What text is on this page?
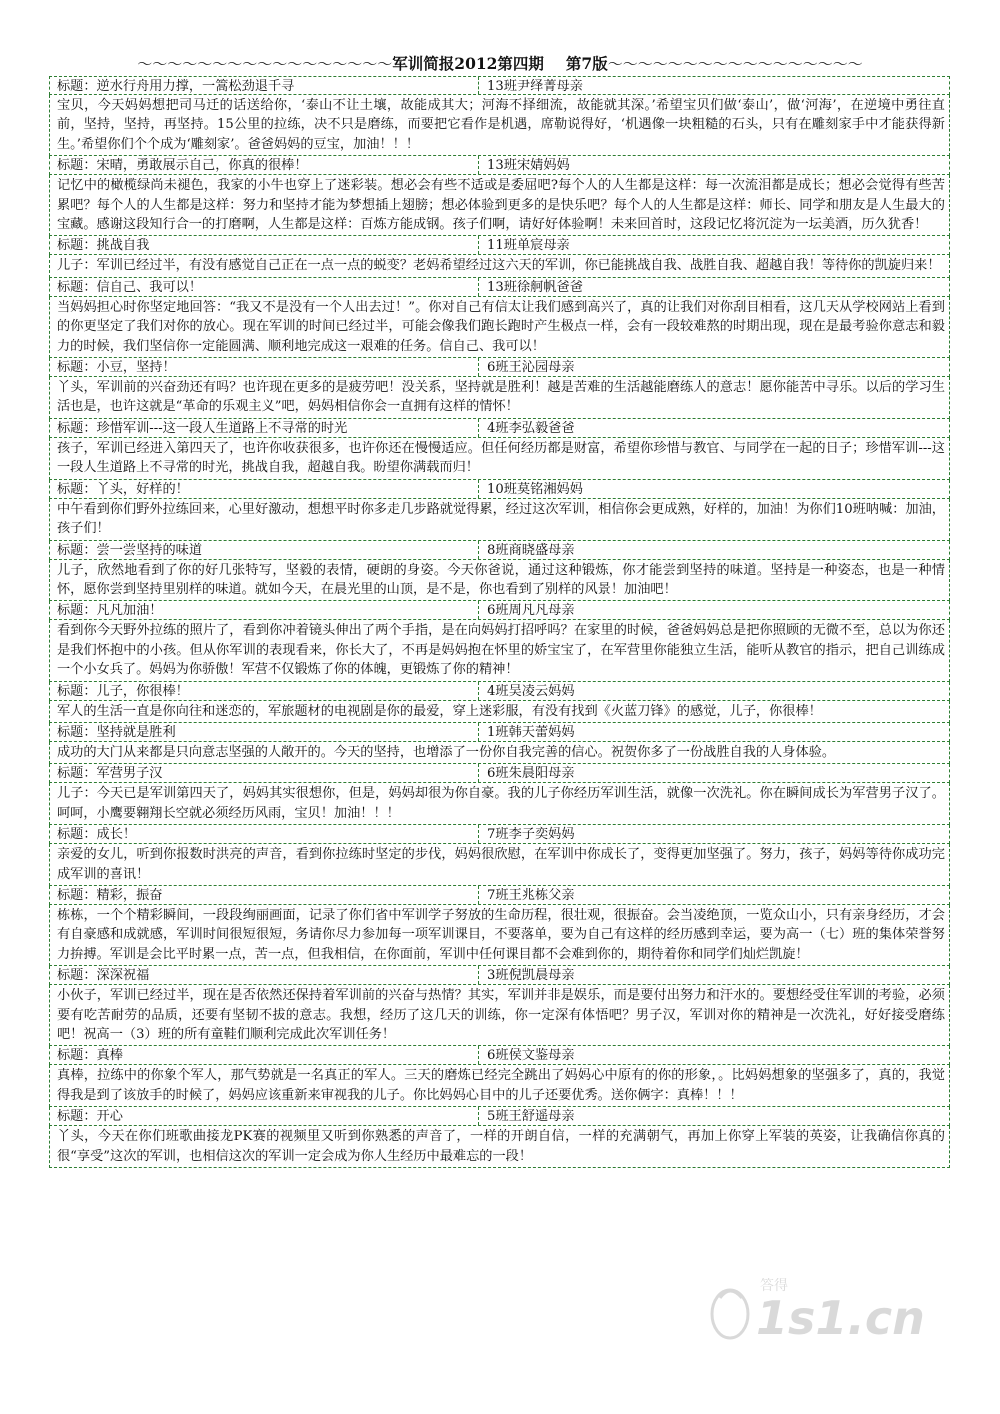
～～～～～～～～～～～～～～～～～军训简报2012第四期 第7版～～～～～～～～～～～～～～～～～
标题：逆水行舟用力撑，一篙松劲退千寻	13班尹绎菁母亲
宝贝，今天妈妈想把司马迁的话送给你，‘泰山不让土壤，故能成其大；河海不择细流，故能就其深。’希望宝贝们做‘泰山’，做‘河海’，在逆境中勇往直前，坚持，坚持，再坚持。15公里的拉练，决不只是磨练，而要把它看作是机遇，席勒说得好，‘机遇像一块粗糙的石头，只有在雕刻家手中才能获得新生。’希望你们个个成为‘雕刻家’。爸爸妈妈的豆宝，加油！！！
标题：宋晴，勇敢展示自己，你真的很棒！	13班宋婧妈妈
记忆中的橄榄绿尚未褪色，我家的小牛也穿上了迷彩装。想必会有些不适或是委屈吧?每个人的人生都是这样：每一次流泪都是成长；想必会觉得有些苦累吧？每个人的人生都是这样：努力和坚持才能为梦想插上翅膀；想必体验到更多的是快乐吧？每个人的人生都是这样：师长、同学和朋友是人生最大的宝藏。感谢这段知行合一的打磨啊，人生都是这样：百炼方能成钢。孩子们啊，请好好体验啊！未来回首时，这段记忆将沉淀为一坛美酒，历久犹香！
标题：挑战自我	11班单宸母亲
儿子：军训已经过半，有没有感觉自己正在一点一点的蜕变？老妈希望经过这六天的军训，你已能挑战自我、战胜自我、超越自我！等待你的凯旋归来！
标题：信自己、我可以！	13班徐舸帆爸爸
当妈妈担心时你坚定地回答：“我又不是没有一个人出去过！”。你对自己有信太让我们感到高兴了，真的让我们对你刮目相看，这几天从学校网站上看到的你更坚定了我们对你的放心。现在军训的时间已经过半，可能会像我们跑长跑时产生极点一样，会有一段较难熬的时期出现，现在是最考验你意志和毅力的时候，我们坚信你一定能圆满、顺利地完成这一艰难的任务。信自己、我可以！
标题：小豆，坚持！	6班王沁园母亲
丫头，军训前的兴奋劲还有吗？也许现在更多的是疲劳吧！没关系，坚持就是胜利！越是苦难的生活越能磨练人的意志！愿你能苦中寻乐。以后的学习生活也是，也许这就是“革命的乐观主义”吧，妈妈相信你会一直拥有这样的情怀！
标题：珍惜军训---这一段人生道路上不寻常的时光	4班李弘毅爸爸
孩子，军训已经进入第四天了，也许你收获很多，也许你还在慢慢适应。但任何经历都是财富，希望你珍惜与教官、与同学在一起的日子；珍惜军训---这一段人生道路上不寻常的时光，挑战自我，超越自我。盼望你满载而归！
标题：丫头，好样的！	10班莫铭湘妈妈
中午看到你们野外拉练回来，心里好激动，想想平时你多走几步路就觉得累，经过这次军训，相信你会更成熟，好样的，加油！为你们10班呐喊：加油，孩子们！
标题：尝一尝坚持的味道	8班商晓盛母亲
儿子，欣然地看到了你的好几张特写，坚毅的表情，硬朗的身姿。今天你爸说，通过这种锻炼，你才能尝到坚持的味道。坚持是一种姿态，也是一种情怀，愿你尝到坚持里别样的味道。就如今天，在晨光里的山顶，是不是，你也看到了别样的风景！加油吧！
标题：凡凡加油！	6班周凡凡母亲
看到你今天野外拉练的照片了，看到你冲着镜头伸出了两个手指，是在向妈妈打招呼吗？在家里的时候，爸爸妈妈总是把你照顾的无微不至，总以为你还是我们怀抱中的小孩。但从你军训的表现看来，你长大了，不再是妈妈抱在怀里的娇宝宝了，在军营里你能独立生活，能听从教官的指示，把自己训练成一个小女兵了。妈妈为你骄傲！军营不仅锻炼了你的体魄，更锻炼了你的精神！
标题：儿子，你很棒！	4班吴凌云妈妈
军人的生活一直是你向往和迷恋的，军旅题材的电视剧是你的最爱，穿上迷彩服，有没有找到《火蓝刀锋》的感觉，儿子，你很棒！
标题：坚持就是胜利	1班韩天蕾妈妈
成功的大门从来都是只向意志坚强的人敞开的。今天的坚持，也增添了一份你自我完善的信心。祝贺你多了一份战胜自我的人身体验。
标题：军营男子汉	6班朱晨阳母亲
儿子：今天已是军训第四天了，妈妈其实很想你，但是，妈妈却很为你自豪。我的儿子你经历军训生活，就像一次洗礼。你在瞬间成长为军营男子汉了。呵呵，小鹰要翱翔长空就必须经历风雨，宝贝！加油！！！
标题：成长！	7班李子奕妈妈
亲爱的女儿，听到你报数时洪亮的声音，看到你拉练时坚定的步伐，妈妈很欣慰，在军训中你成长了，变得更加坚强了。努力，孩子，妈妈等待你成功完成军训的喜讯！
标题：精彩，振奋	7班王兆栋父亲
栋栋，一个个精彩瞬间，一段段绚丽画面，记录了你们省中军训学子努放的生命历程，很壮观，很振奋。会当凌绝顶，一览众山小，只有亲身经历，才会有自豪感和成就感，军训时间很短很短，务请你尽力参加每一项军训课目，不要落单，要为自己有这样的经历感到幸运，要为高一（七）班的集体荣誉努力拚搏。军训是会比平时累一点，苦一点，但我相信，在你面前，军训中任何课目都不会难到你的，期待着你和同学们灿烂凯旋！
标题：深深祝福	3班倪凯晨母亲
小伙子，军训已经过半，现在是否依然还保持着军训前的兴奋与热情？其实，军训并非是娱乐，而是要付出努力和汗水的。要想经受住军训的考验，必须要有吃苦耐劳的品质，还要有坚韧不拔的意志。我想，经历了这几天的训练，你一定深有体悟吧？男子汉，军训对你的精神是一次洗礼，好好接受磨练吧！祝高一（3）班的所有童鞋们顺利完成此次军训任务！
标题：真棒	6班侯文鉴母亲
真棒，拉练中的你象个军人，那气势就是一名真正的军人。三天的磨炼已经完全跳出了妈妈心中原有的你的形象，。比妈妈想象的坚强多了，真的，我觉得我是到了该放手的时候了，妈妈应该重新来审视我的儿子。你比妈妈心目中的儿子还要优秀。送你俩字：真棒！！！
标题：开心	5班王舒遥母亲
丫头，今天在你们班歌曲接龙PK赛的视频里又听到你熟悉的声音了，一样的开朗自信，一样的充满朝气，再加上你穿上军装的英姿，让我确信你真的很“享受”这次的军训，也相信这次的军训一定会成为你人生经历中最难忘的一段！
答得
1s1.cn
